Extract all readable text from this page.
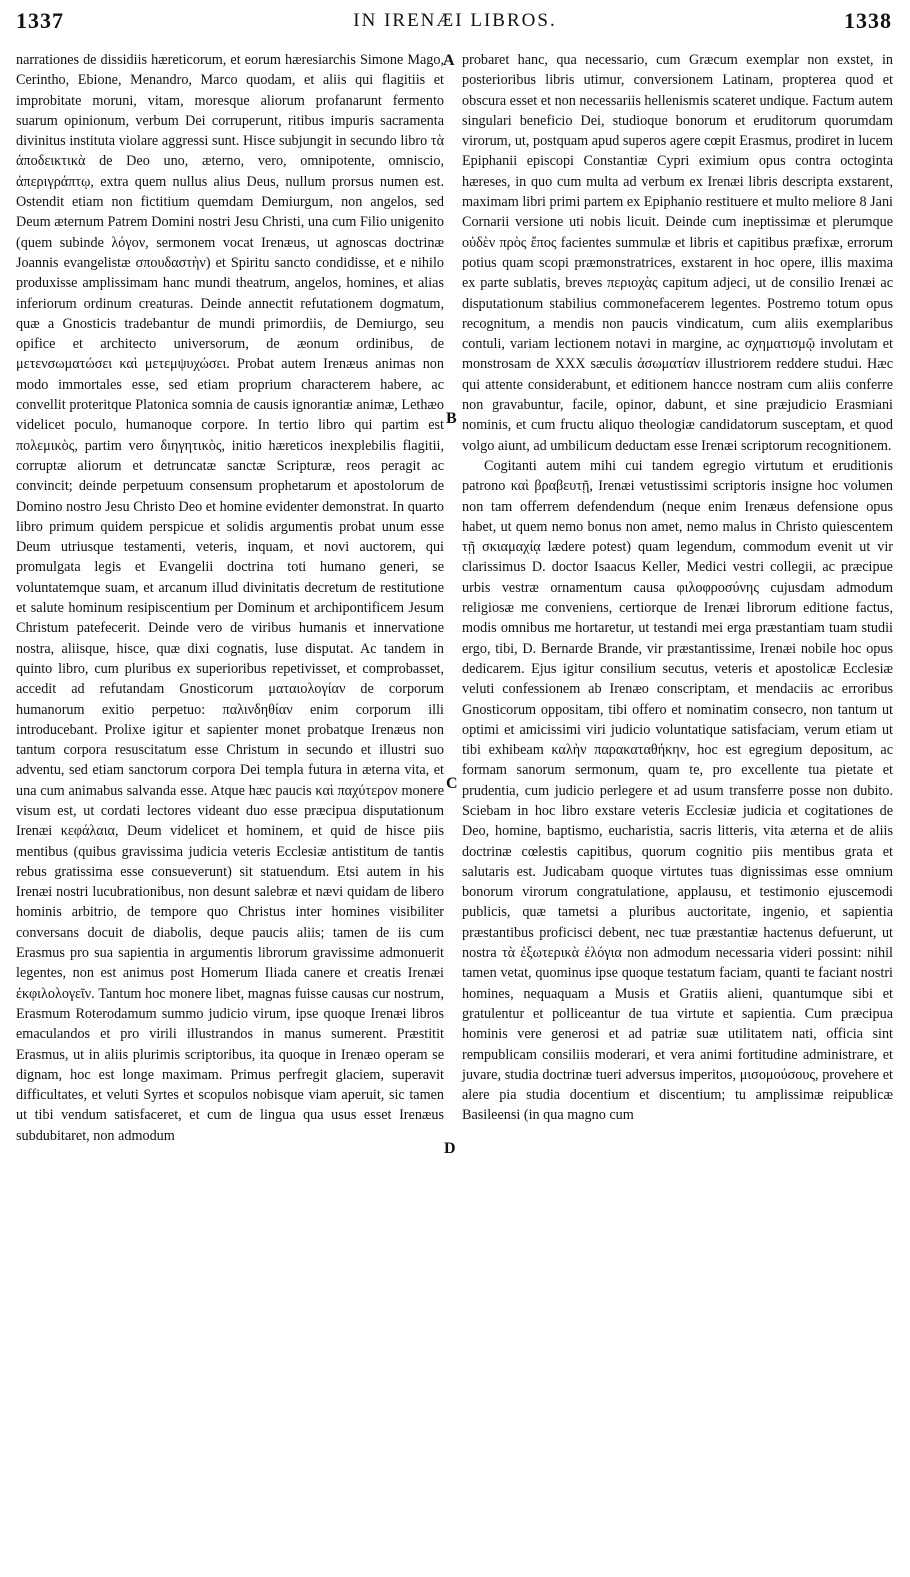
1337	IN IRENÆI LIBROS.	1338

narrationes de dissidiis hæreticorum, et eorum hæresiarchis Simone Mago, Cerintho, Ebione, Menandro, Marco quodam, et aliis qui flagitiis et improbitate moruni, vitam, moresque aliorum profanarunt fermento suarum opinionum, verbum Dei corruperunt, ritibus impuris sacramenta divinitus instituta violare aggressi sunt. Hisce subjungit in secundo libro τὰ ἀποδεικτικὰ de Deo uno, æterno, vero, omnipotente, omniscio, ἀπεριγράπτῳ, extra quem nullus alius Deus, nullum prorsus numen est. Ostendit etiam non fictitium quemdam Demiurgum, non angelos, sed Deum æternum Patrem Domini nostri Jesu Christi, una cum Filio unigenito (quem subinde λόγον, sermonem vocat Irenæus, ut agnoscas doctrinæ Joannis evangelistæ σπουδαστὴν) et Spiritu sancto condidisse, et e nihilo produxisse amplissimam hanc mundi theatrum, angelos, homines, et alias inferiorum ordinum creaturas. Deinde annectit refutationem dogmatum, quæ a Gnosticis tradebantur de mundi primordiis, de Demiurgo, seu opifice et architecto universorum, de æonum ordinibus, de μετενσωματώσει καὶ μετεμψυχώσει. Probat autem Irenæus animas non modo immortales esse, sed etiam proprium characterem habere, ac convellit proteritque Platonica somnia de causis ignorantiæ animæ, Lethæo videlicet poculo, humanoque corpore. In tertio libro qui partim est πολεμικὸς, partim vero διηγητικὸς, initio hæreticos inexplebilis flagitii, corruptæ aliorum et detruncatæ sanctæ Scripturæ, reos peragit ac convincit; deinde perpetuum consensum prophetarum et apostolorum de Domino nostro Jesu Christo Deo et homine evidenter demonstrat. In quarto libro primum quidem perspicue et solidis argumentis probat unum esse Deum utriusque testamenti, veteris, inquam, et novi auctorem, qui promulgata legis et Evangelii doctrina toti humano generi, se voluntatemque suam, et arcanum illud divinitatis decretum de restitutione et salute hominum resipiscentium per Dominum et archipontificem Jesum Christum patefecerit. Deinde vero de viribus humanis et innervatione nostra, aliisque, hisce, quæ dixi cognatis, luse disputat. Ac tandem in quinto libro, cum pluribus ex superioribus repetivisset, et comprobasset, accedit ad refutandam Gnosticorum ματαιολογίαν de corporum humanorum exitio perpetuo: παλινδηθίαν enim corporum illi introducebant. Prolixe igitur et sapienter monet probatque Irenæus non tantum corpora resuscitatum esse Christum in secundo et illustri suo adventu, sed etiam sanctorum corpora Dei templa futura in æterna vita, et una cum animabus salvanda esse. Atque hæc paucis καὶ παχύτερον monere visum est, ut cordati lectores videant duo esse præcipua disputationum Irenæi κεφάλαια, Deum videlicet et hominem, et quid de hisce piis mentibus (quibus gravissima judicia veteris Ecclesiæ antistitum de tantis rebus gratissima esse consueverunt) sit statuendum. Etsi autem in his Irenæi nostri lucubrationibus, non desunt salebræ et nævi quidam de libero hominis arbitrio, de tempore quo Christus inter homines visibiliter conversans docuit de diabolis, deque paucis aliis; tamen de iis cum Erasmus pro sua sapientia in argumentis librorum gravissime admonuerit legentes, non est animus post Homerum Iliada canere et creatis Irenæi ἐκφιλολογεῖν. Tantum hoc monere libet, magnas fuisse causas cur nostrum, Erasmum Roterodamum summo judicio virum, ipse quoque Irenæi libros emaculandos et pro virili illustrandos in manus sumerent. Præstitit Erasmus, ut in aliis plurimis scriptoribus, ita quoque in Irenæo operam se dignam, hoc est longe maximam. Primus perfregit glaciem, superavit difficultates, et veluti Syrtes et scopulos nobisque viam aperuit, sic tamen ut tibi vendum satisfaceret, et cum de lingua qua usus esset Irenæus subdubitaret, non admodum

A
B
C
D

probaret hanc, qua necessario, cum Græcum exemplar non exstet, in posterioribus libris utimur, conversionem Latinam, propterea quod et obscura esset et non necessariis hellenismis scateret undique. Factum autem singulari beneficio Dei, studioque bonorum et eruditorum quorumdam virorum, ut, postquam apud superos agere cœpit Erasmus, prodiret in lucem Epiphanii episcopi Constantiæ Cypri eximium opus contra octoginta hæreses, in quo cum multa ad verbum ex Irenæi libris descripta exstarent, maximam libri primi partem ex Epiphanio restituere et multo meliore 8 Jani Cornarii versione uti nobis licuit. Deinde cum ineptissimæ et plerumque οὐδὲν πρὸς ἔπος facientes summulæ et libris et capitibus præfixæ, errorum potius quam scopi præmonstratrices, exstarent in hoc opere, illis maxima ex parte sublatis, breves περιοχὰς capitum adjeci, ut de consilio Irenæi ac disputationum stabilius commonefacerem legentes. Postremo totum opus recognitum, a mendis non paucis vindicatum, cum aliis exemplaribus contuli, variam lectionem notavi in margine, ac σχηματισμῷ involutam et monstrosam de XXX sæculis ἀσωματίαν illustriorem reddere studui. Hæc qui attente considerabunt, et editionem hancce nostram cum aliis conferre non gravabuntur, facile, opinor, dabunt, et sine præjudicio Erasmiani nominis, et cum fructu aliquo theologiæ candidatorum susceptam, et quod volgo aiunt, ad umbilicum deductam esse Irenæi scriptorum recognitionem.

Cogitanti autem mihi cui tandem egregio virtutum et eruditionis patrono καὶ βραβευτῇ, Irenæi vetustissimi scriptoris insigne hoc volumen non tam offerrem defendendum (neque enim Irenæus defensione opus habet, ut quem nemo bonus non amet, nemo malus in Christo quiescentem τῇ σκιαμαχίᾳ lædere potest) quam legendum, commodum evenit ut vir clarissimus D. doctor Isaacus Keller, Medici vestri collegii, ac præcipue urbis vestræ ornamentum causa φιλοφροσύνης cujusdam admodum religiosæ me conveniens, certiorque de Irenæi librorum editione factus, modis omnibus me hortaretur, ut testandi mei erga præstantiam tuam studii ergo, tibi, D. Bernarde Brande, vir præstantissime, Irenæi nobile hoc opus dedicarem. Ejus igitur consilium secutus, veteris et apostolicæ Ecclesiæ veluti confessionem ab Irenæo conscriptam, et mendaciis ac erroribus Gnosticorum oppositam, tibi offero et nominatim consecro, non tantum ut optimi et amicissimi viri judicio voluntatique satisfaciam, verum etiam ut tibi exhibeam καλὴν παρακαταθήκην, hoc est egregium depositum, ac formam sanorum sermonum, quam te, pro excellente tua pietate et prudentia, cum judicio perlegere et ad usum transferre posse non dubito. Sciebam in hoc libro exstare veteris Ecclesiæ judicia et cogitationes de Deo, homine, baptismo, eucharistia, sacris litteris, vita æterna et de aliis doctrinæ cœlestis capitibus, quorum cognitio piis mentibus grata et salutaris est. Judicabam quoque virtutes tuas dignissimas esse omnium bonorum virorum congratulatione, applausu, et testimonio ejuscemodi publicis, quæ tametsi a pluribus auctoritate, ingenio, et sapientia præstantibus proficisci debent, nec tuæ præstantiæ hactenus defuerunt, ut nostra τὰ ἐξωτερικὰ ἐλόγια non admodum necessaria videri possint: nihil tamen vetat, quominus ipse quoque testatum faciam, quanti te faciant nostri homines, nequaquam a Musis et Gratiis alieni, quantumque sibi et gratulentur et polliceantur de tua virtute et sapientia. Cum præcipua hominis vere generosi et ad patriæ suæ utilitatem nati, officia sint rempublicam consiliis moderari, et vera animi fortitudine administrare, et juvare, studia doctrinæ tueri adversus imperitos, μισομούσους, provehere et alere pia studia docentium et discentium; tu amplissimæ reipublicæ Basileensi (in qua magno cum
